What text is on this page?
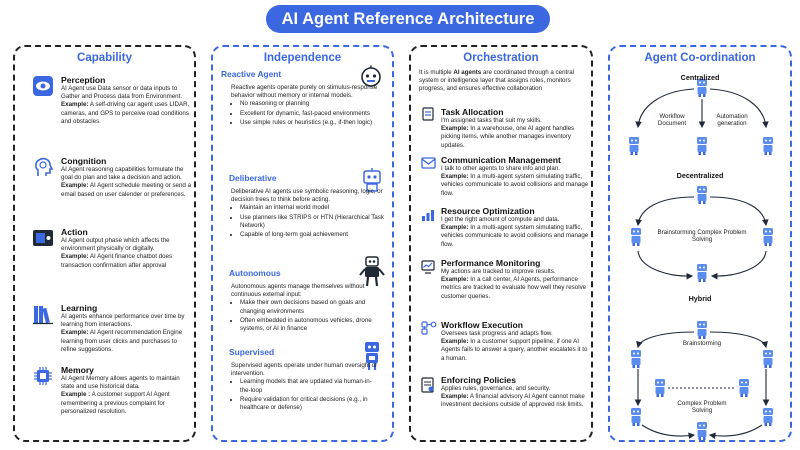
AI Agent Reference Architecture
Capability
Perception

AI Agent use Data sensor or data inputs to Gather and Process data from Environment.
Example: A self-driving car agent uses LIDAR, cameras, and GPS to perceive road conditions and obstacles.

Congnition

AI Agent reasoning capabilities formulate the goal do plan and take a decision and action.
Example: AI Agent schedule meeting or send a email based on user calender or preferences.

Action

AI Agent output phase which affects the environment physically or digitally.
Example: AI Agent finance chatbot does transaction confirmation after approval

Learning

AI agents enhance performance over time by learning from interactions.
Example: AI Agent recommendation Engine learning from user clicks and purchases to refine suggestions.

Memory

AI Agent Memory allows agents to maintain state and use historical data.
Example : A customer support AI Agent remembering a previous complaint for personalized resolution.

Independence
Reactive Agent

Reactive agents operate purely on stimulus-response behavior without memory or internal models.

• No reasoning or planning
• Excellent for dynamic, fast-paced environments
• Use simple rules or heuristics (e.g., if-then logic)
Deliberative

Deliberative AI agents use symbolic reasoning, logic, or decision trees to think before acting.

• Maintain an internal world model
• Use planners like STRIPS or HTN (Hierarchical Task Network)
• Capable of long-term goal achievement
Autonomous

Autonomous agents manage themselves without continuous external input:

• Make their own decisions based on goals and changing environments
• Often embedded in autonomous vehicles, drone systems, or AI in finance
Supervised

Supervised agents operate under human oversight or intervention.

• Learning models that are updated via human-in-the-loop
• Require validation for critical decisions (e.g., in healthcare or defense)
Orchestration

It is multiple AI agents are coordinated through a central system or intelligence layer that assigns roles, monitors progress, and ensures effective collaboration

Task Allocation

I'm assigned tasks that suit my skills.
Example: In a warehouse, one AI agent handles picking items, while another manages inventory updates.

Communication Management

I talk to other agents to share info and plan.
Example: In a multi-agent system simulating traffic, vehicles communicate to avoid collisions and manage flow.

Resource Optimization

I get the right amount of compute and data.
Example: In a multi-agent system simulating traffic, vehicles communicate to avoid collisions and manage flow.

Performance Monitoring

My actions are tracked to improve results.
Example: In a call center, AI Agents, performance metrics are tracked to evaluate how well they resolve customer queries.

Workflow Execution

Oversees task progress and adapts flow.
Example: In a customer support pipeline, if one AI Agents fails to answer a query, another escalates it to a human.

Enforcing Policies

Applies rules, governance, and security.
Example: A financial advisory AI Agent cannot make investment decisions outside of approved risk limits.

Agent Co-ordination
Centralized
Workflow Document
Automation generation
Decentralized
Brainstorming Complex Problem Solving
Hybrid
Brainstorming
Complex Problem Solving
